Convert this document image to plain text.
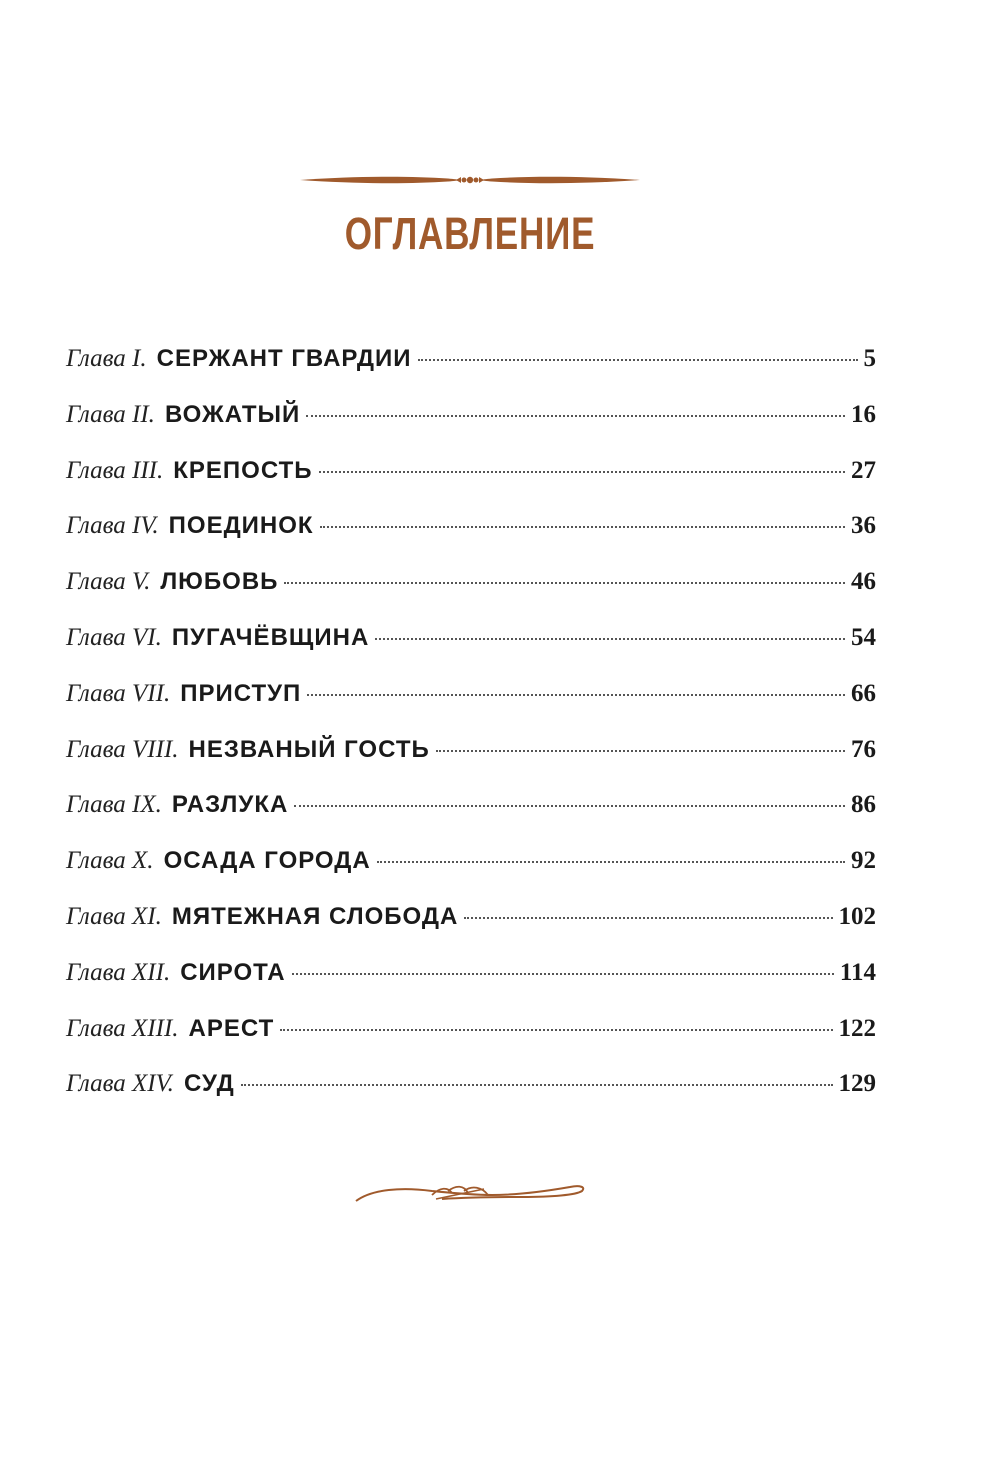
ОГЛАВЛЕНИЕ
Глава I. СЕРЖАНТ ГВАРДИИ	5
Глава II. ВОЖАТЫЙ	16
Глава III. КРЕПОСТЬ	27
Глава IV. ПОЕДИНОК	36
Глава V. ЛЮБОВЬ	46
Глава VI. ПУГАЧЁВЩИНА	54
Глава VII. ПРИСТУП	66
Глава VIII. НЕЗВАНЫЙ ГОСТЬ	76
Глава IX. РАЗЛУКА	86
Глава X. ОСАДА ГОРОДА	92
Глава XI. МЯТЕЖНАЯ СЛОБОДА	102
Глава XII. СИРОТА	114
Глава XIII. АРЕСТ	122
Глава XIV. СУД	129
